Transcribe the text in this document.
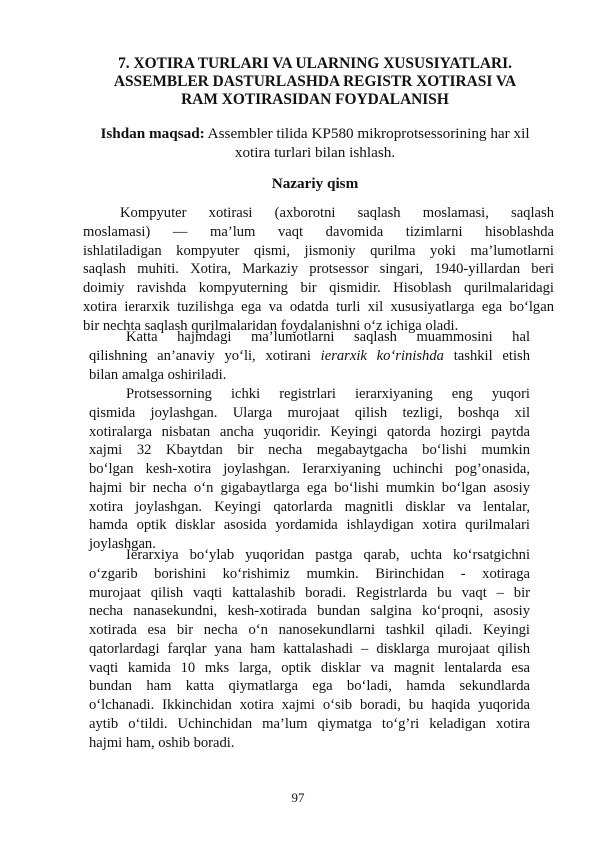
7. XOTIRA TURLARI VA ULARNING XUSUSIYATLARI.
ASSEMBLER DASTURLASHDA REGISTR XOTIRASI VA
RAM XOTIRASIDAN FOYDALANISH
Ishdan maqsad: Assembler tilida KP580 mikroprotsessorining har xil
xotira turlari bilan ishlash.
Nazariy qism
Kompyuter xotirasi (axborotni saqlash moslamasi, saqlash
moslamasi) — ma’lum vaqt davomida tizimlarni hisoblashda
ishlatiladigan kompyuter qismi, jismoniy qurilma yoki ma’lumotlarni
saqlash muhiti. Xotira, Markaziy protsessor singari, 1940-yillardan beri
doimiy ravishda kompyuterning bir qismidir. Hisoblash qurilmalaridagi
xotira ierarxik tuzilishga ega va odatda turli xil xususiyatlarga ega bo‘lgan
bir nechta saqlash qurilmalaridan foydalanishni o‘z ichiga oladi.
Katta hajmdagi ma’lumotlarni saqlash muammosini hal
qilishning an’anaviy yo‘li, xotirani ierarxik ko‘rinishda tashkil etish
bilan amalga oshiriladi.
Protsessorning ichki registrlari ierarxiyaning eng yuqori
qismida joylashgan. Ularga murojaat qilish tezligi, boshqa xil
xotiralarga nisbatan ancha yuqoridir. Keyingi qatorda hozirgi paytda
xajmi 32 Kbaytdan bir necha megabaytgacha bo‘lishi mumkin
bo‘lgan kesh-xotira joylashgan. Ierarxiyaning uchinchi pog’onasida,
hajmi bir necha o‘n gigabaytlarga ega bo‘lishi mumkin bo‘lgan asosiy
xotira joylashgan. Keyingi qatorlarda magnitli disklar va lentalar,
hamda optik disklar asosida yordamida ishlaydigan xotira qurilmalari
joylashgan.
Ierarxiya bo‘ylab yuqoridan pastga qarab, uchta ko‘rsatgichni
o‘zgarib borishini ko‘rishimiz mumkin. Birinchidan - xotiraga
murojaat qilish vaqti kattalashib boradi. Registrlarda bu vaqt – bir
necha nanasekundni, kesh-xotirada bundan salgina ko‘proqni, asosiy
xotirada esa bir necha o‘n nanosekundlarni tashkil qiladi. Keyingi
qatorlardagi farqlar yana ham kattalashadi – disklarga murojaat qilish
vaqti kamida 10 mks larga, optik disklar va magnit lentalarda esa
bundan ham katta qiymatlarga ega bo‘ladi, hamda sekundlarda
o‘lchanadi. Ikkinchidan xotira xajmi o‘sib boradi, bu haqida yuqorida
aytib o‘tildi. Uchinchidan ma’lum qiymatga to‘g’ri keladigan xotira
hajmi ham, oshib boradi.
97
